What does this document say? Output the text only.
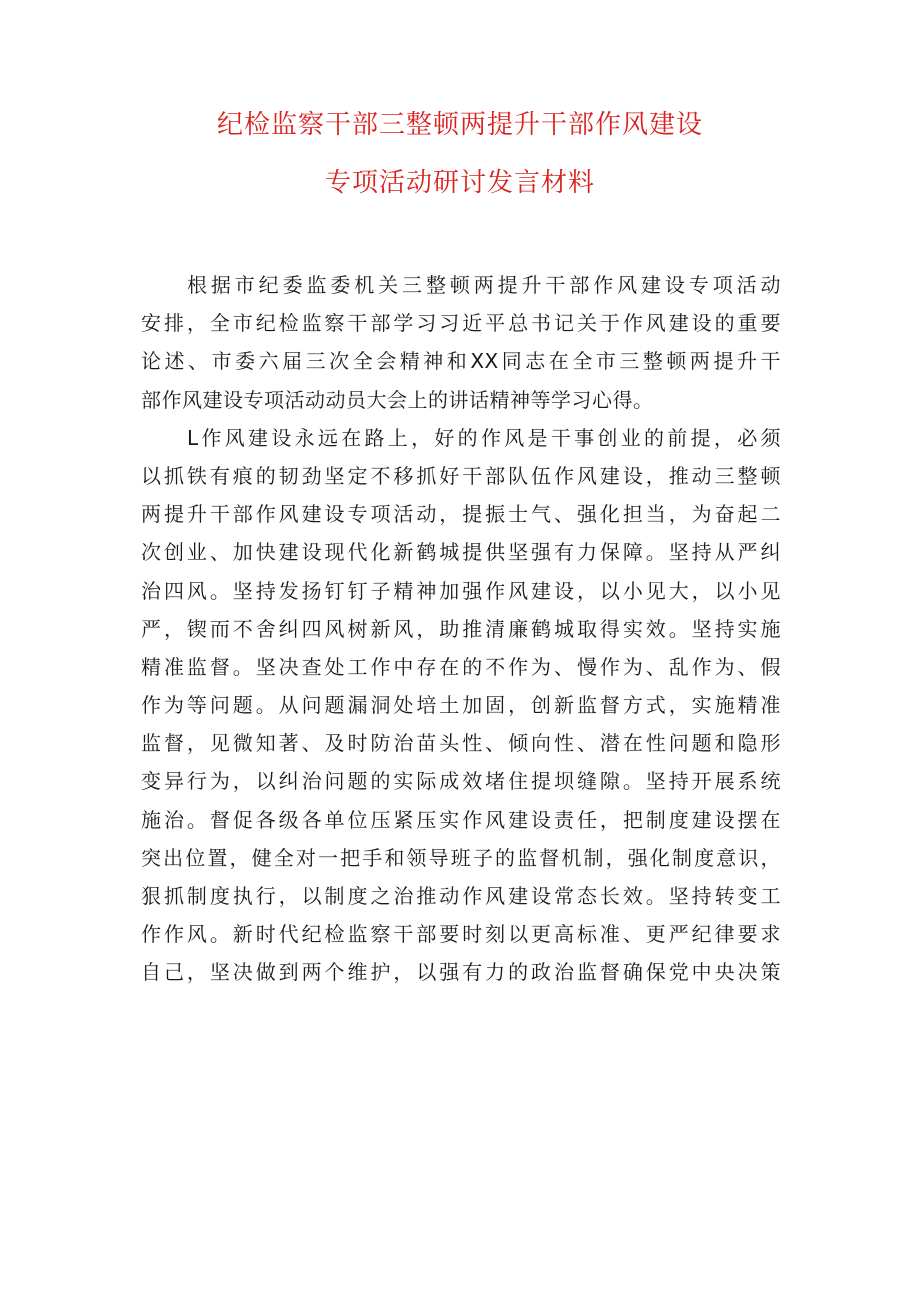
纪检监察干部三整顿两提升干部作风建设
专项活动研讨发言材料
根据市纪委监委机关三整顿两提升干部作风建设专项活动
安排，全市纪检监察干部学习习近平总书记关于作风建设的重要
论述、市委六届三次全会精神和XX同志在全市三整顿两提升干
部作风建设专项活动动员大会上的讲话精神等学习心得。
L作风建设永远在路上，好的作风是干事创业的前提，必须
以抓铁有痕的韧劲坚定不移抓好干部队伍作风建设，推动三整顿
两提升干部作风建设专项活动，提振士气、强化担当，为奋起二
次创业、加快建设现代化新鹤城提供坚强有力保障。坚持从严纠
治四风。坚持发扬钉钉子精神加强作风建设，以小见大，以小见
严，锲而不舍纠四风树新风，助推清廉鹤城取得实效。坚持实施
精准监督。坚决查处工作中存在的不作为、慢作为、乱作为、假
作为等问题。从问题漏洞处培土加固，创新监督方式，实施精准
监督，见微知著、及时防治苗头性、倾向性、潜在性问题和隐形
变异行为，以纠治问题的实际成效堵住提坝缝隙。坚持开展系统
施治。督促各级各单位压紧压实作风建设责任，把制度建设摆在
突出位置，健全对一把手和领导班子的监督机制，强化制度意识，
狠抓制度执行，以制度之治推动作风建设常态长效。坚持转变工
作作风。新时代纪检监察干部要时刻以更高标准、更严纪律要求
自己，坚决做到两个维护，以强有力的政治监督确保党中央决策
